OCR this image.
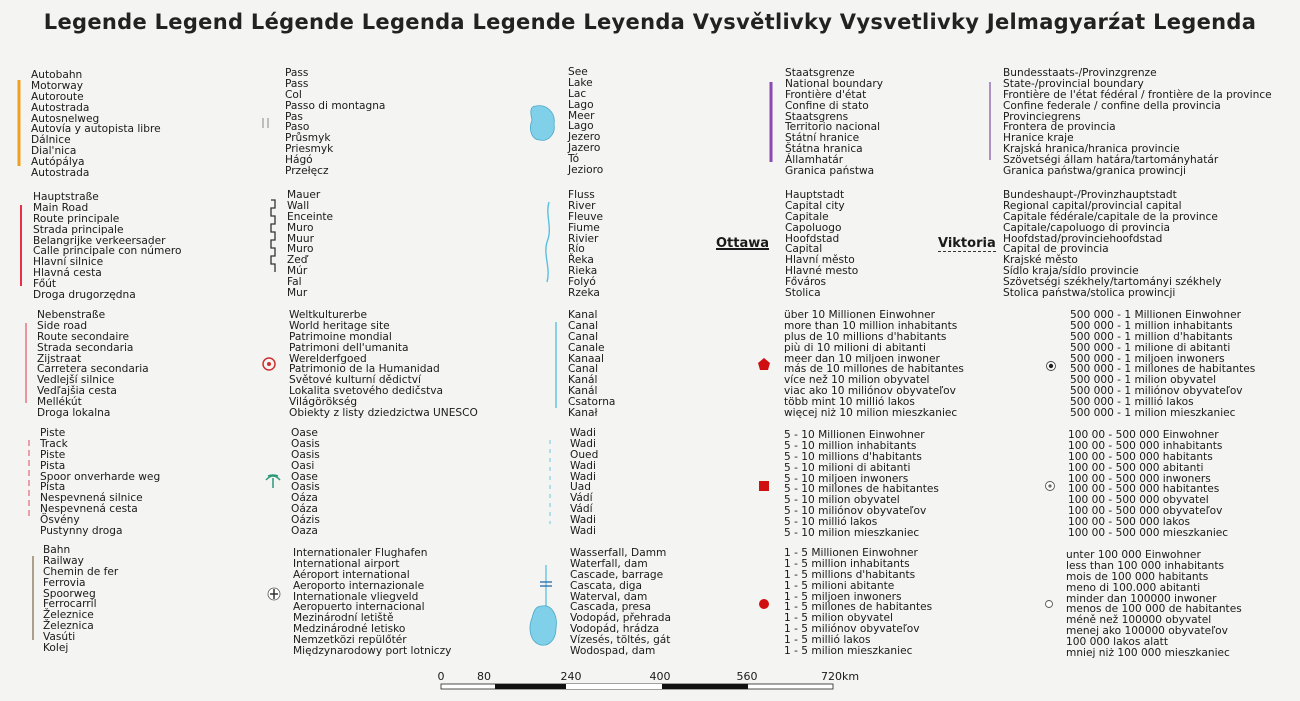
Legende Legend Légende Legenda Legende Leyenda Vysvětlivky Vysvetlivky Jelmagyarźat Legenda
Autobahn
Motorway
Autoroute
Autostrada
Autosnelweg
Autovía y autopista libre
Dálnice
Dial'nica
Autópálya
Autostrada
Hauptstraße
Main Road
Route principale
Strada principale
Belangrijke verkeersader
Calle principale con número
Hlavní silnice
Hlavná cesta
Főút
Droga drugorzędna
Nebenstraße
Side road
Route secondaire
Strada secondaria
Zijstraat
Carretera secondaria
Vedlejší silnice
Vedľajšia cesta
Mellékút
Droga lokalna
Piste
Track
Piste
Pista
Spoor onverharde weg
Pista
Nespevnená silnice
Nespevnená cesta
Ösvény
Pustynny droga
Bahn
Railway
Chemin de fer
Ferrovia
Spoorweg
Ferrocarril
Železnice
Železnica
Vasúti
Kolej
Pass
Pass
Col
Passo di montagna
Pas
Paso
Průsmyk
Priesmyk
Hágó
Przełęcz
Mauer
Wall
Enceinte
Muro
Muur
Muro
Zeď
Múr
Fal
Mur
Weltkulturerbe
World heritage site
Patrimoine mondial
Patrimoni dell'umanita
Werelderfgoed
Patrimonio de la Humanidad
Světové kulturní dědictví
Lokalita svetového dedičstva
Világörökség
Obiekty z listy dziedzictwa UNESCO
Oase
Oasis
Oasis
Oasi
Oase
Oasis
Oáza
Oáza
Oázis
Oaza
Internationaler Flughafen
International airport
Aéroport international
Aeroporto internazionale
Internationale vliegveld
Aeropuerto internacional
Mezinárodní letiště
Medzinárodné letisko
Nemzetközi repülőtér
Międzynarodowy port lotniczy
See
Lake
Lac
Lago
Meer
Lago
Jezero
Jazero
Tó
Jezioro
Fluss
River
Fleuve
Fiume
Rivier
Río
Řeka
Rieka
Folyó
Rzeka
Kanal
Canal
Canal
Canale
Kanaal
Canal
Kanál
Kanál
Csatorna
Kanał
Wadi
Wadi
Oued
Wadi
Wadi
Uad
Vádí
Vádí
Wadi
Wadi
Wasserfall, Damm
Waterfall, dam
Cascade, barrage
Cascata, diga
Waterval, dam
Cascada, presa
Vodopád, přehrada
Vodopád, hrádza
Vízesés, töltés, gát
Wodospad, dam
Staatsgrenze
National boundary
Frontière d'état
Confine di stato
Staatsgrens
Territorio nacional
Státní hranice
Štátna hranica
Államhatár
Granica państwa
Hauptstadt
Capital city
Capitale
Capoluogo
Hoofdstad
Capital
Hlavní město
Hlavné mesto
Főváros
Stolica
über 10 Millionen Einwohner
more than 10 million inhabitants
plus de 10 millions d'habitants
più di 10 milioni di abitanti
meer dan 10 miljoen inwoner
más de 10 millones de habitantes
více než 10 milion obyvatel
viac ako 10 miliónov obyvateľov
több mint 10 millió lakos
więcej niż 10 milion mieszkaniec
5 - 10 Millionen Einwohner
5 - 10 million inhabitants
5 - 10 millions d'habitants
5 - 10 milioni di abitanti
5 - 10 miljoen inwoners
5 - 10 millones de habitantes
5 - 10 milion obyvatel
5 - 10 miliónov obyvateľov
5 - 10 millió lakos
5 - 10 milion mieszkaniec
1 - 5 Millionen Einwohner
1 - 5 million inhabitants
1 - 5 millions d'habitants
1 - 5 milioni abitante
1 - 5 miljoen inwoners
1 - 5 millones de habitantes
1 - 5 milion obyvatel
1 - 5 miliónov obyvateľov
1 - 5 millió lakos
1 - 5 milion mieszkaniec
Bundesstaats-/Provinzgrenze
State-/provincial boundary
Frontière de l'état fédéral / frontière de la province
Confine federale / confine della provincia
Provinciegrens
Frontera de provincia
Hranice kraje
Krajská hranica/hranica provincie
Szövetségi állam határa/tartományhatár
Granica państwa/granica prowincji
Bundeshaupt-/Provinzhauptstadt
Regional capital/provincial capital
Capitale fédérale/capitale de la province
Capitale/capoluogo di provincia
Hoofdstad/provinciehoofdstad
Capital de provincia
Krajské město
Sídlo kraja/sídlo provincie
Szövetségi székhely/tartományi székhely
Stolica państwa/stolica prowincji
500 000 - 1 Millionen Einwohner
500 000 - 1 million inhabitants
500 000 - 1 million d'habitants
500 000 - 1 milione di abitanti
500 000 - 1 miljoen inwoners
500 000 - 1 millones de habitantes
500 000 - 1 milion obyvatel
500 000 - 1 miliónov obyvateľov
500 000 - 1 millió lakos
500 000 - 1 milion mieszkaniec
100 00 - 500 000 Einwohner
100 00 - 500 000 inhabitants
100 00 - 500 000 habitants
100 00 - 500 000 abitanti
100 00 - 500 000 inwoners
100 00 - 500 000 habitantes
100 00 - 500 000 obyvatel
100 00 - 500 000 obyvateľov
100 00 - 500 000 lakos
100 00 - 500 000 mieszkaniec
unter 100 000 Einwohner
less than 100 000 inhabitants
mois de 100 000 habitants
meno di 100.000 abitanti
minder dan 100000 inwoner
menos de 100 000 de habitantes
méně než 100000 obyvatel
menej ako 100000 obyvateľov
100 000 lakos alatt
mniej niż 100 000 mieszkaniec
Ottawa	Viktoria
0	80	240	400	560	720km
